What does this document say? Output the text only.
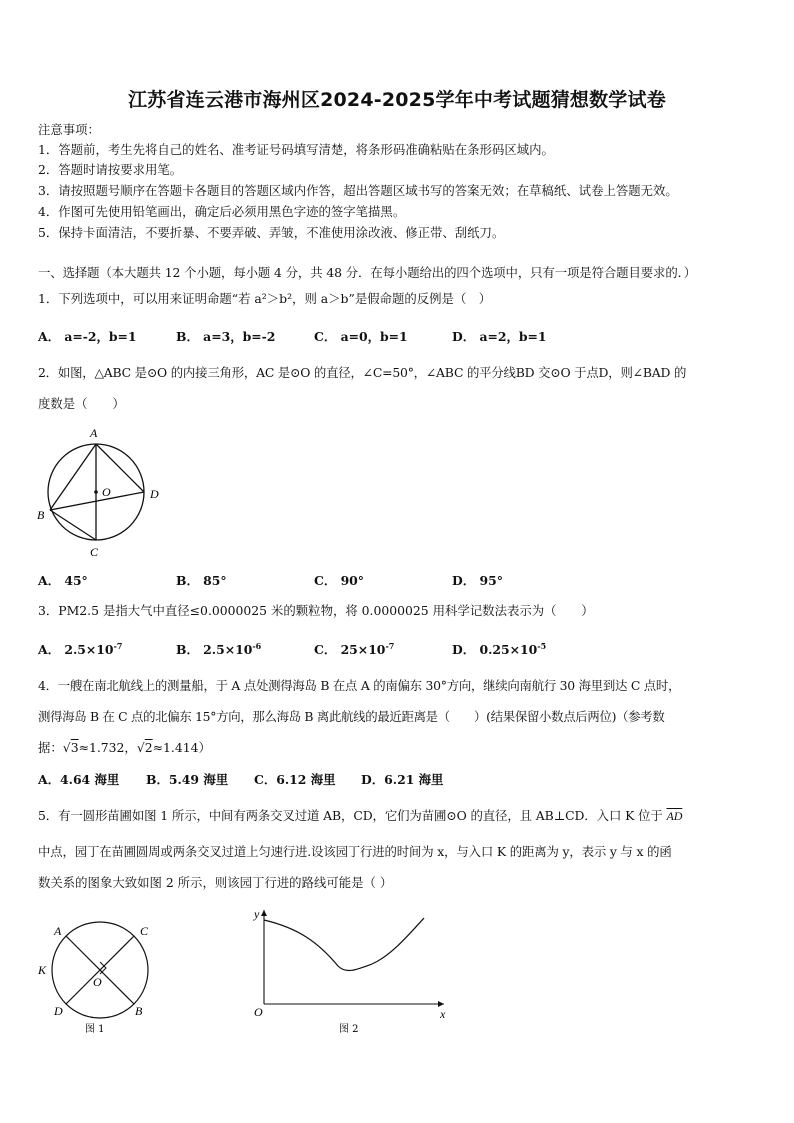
江苏省连云港市海州区2024-2025学年中考试题猜想数学试卷
注意事项：
1．答题前，考生先将自己的姓名、准考证号码填写清楚，将条形码准确粘贴在条形码区域内。
2．答题时请按要求用笔。
3．请按照题号顺序在答题卡各题目的答题区域内作答，超出答题区域书写的答案无效；在草稿纸、试卷上答题无效。
4．作图可先使用铅笔画出，确定后必须用黑色字迹的签字笔描黑。
5．保持卡面清洁，不要折暴、不要弄破、弄皱，不准使用涂改液、修正带、刮纸刀。
一、选择题（本大题共 12 个小题，每小题 4 分，共 48 分．在每小题给出的四个选项中，只有一项是符合题目要求的．）
1．下列选项中，可以用来证明命题“若 a²＞b²，则 a＞b”是假命题的反例是（　）
A． a=-2，b=1	B． a=3，b=-2	C． a=0，b=1	D． a=2，b=1
2．如图，△ABC 是⊙O 的内接三角形，AC 是⊙O 的直径，∠C=50°，∠ABC 的平分线BD 交⊙O 于点D，则∠BAD 的
度数是（　　）
A
B
C
D
O
A． 45°	B． 85°	C． 90°	D． 95°
3．PM2.5 是指大气中直径≤0.0000025 米的颗粒物，将 0.0000025 用科学记数法表示为（　　）
A． $2.5\times 10^{-7}$	B． $2.5\times 10^{-6}$	C． $25\times 10^{-7}$	D． $0.25\times 10^{-5}$
4．一艘在南北航线上的测量船，于 A 点处测得海岛 B 在点 A 的南偏东 30°方向，继续向南航行 30 海里到达 C 点时，
测得海岛 B 在 C 点的北偏东 15°方向，那么海岛 B 离此航线的最近距离是（　　）(结果保留小数点后两位)（参考数
据：√3≈1.732，√2≈1.414）
A．4.64 海里 B．5.49 海里 C．6.12 海里 D．6.21 海里
5．有一圆形苗圃如图 1 所示，中间有两条交叉过道 AB，CD，它们为苗圃⊙O 的直径，且 AB⊥CD．入口 K 位于 $\overline{AD}$
中点，园丁在苗圃圆周或两条交叉过道上匀速行进.设该园丁行进的时间为 x，与入口 K 的距离为 y，表示 y 与 x 的函
数关系的图象大致如图 2 所示，则该园丁行进的路线可能是（ ）
A	C
K
O
D	B
图 1
y
x
O
图 2
